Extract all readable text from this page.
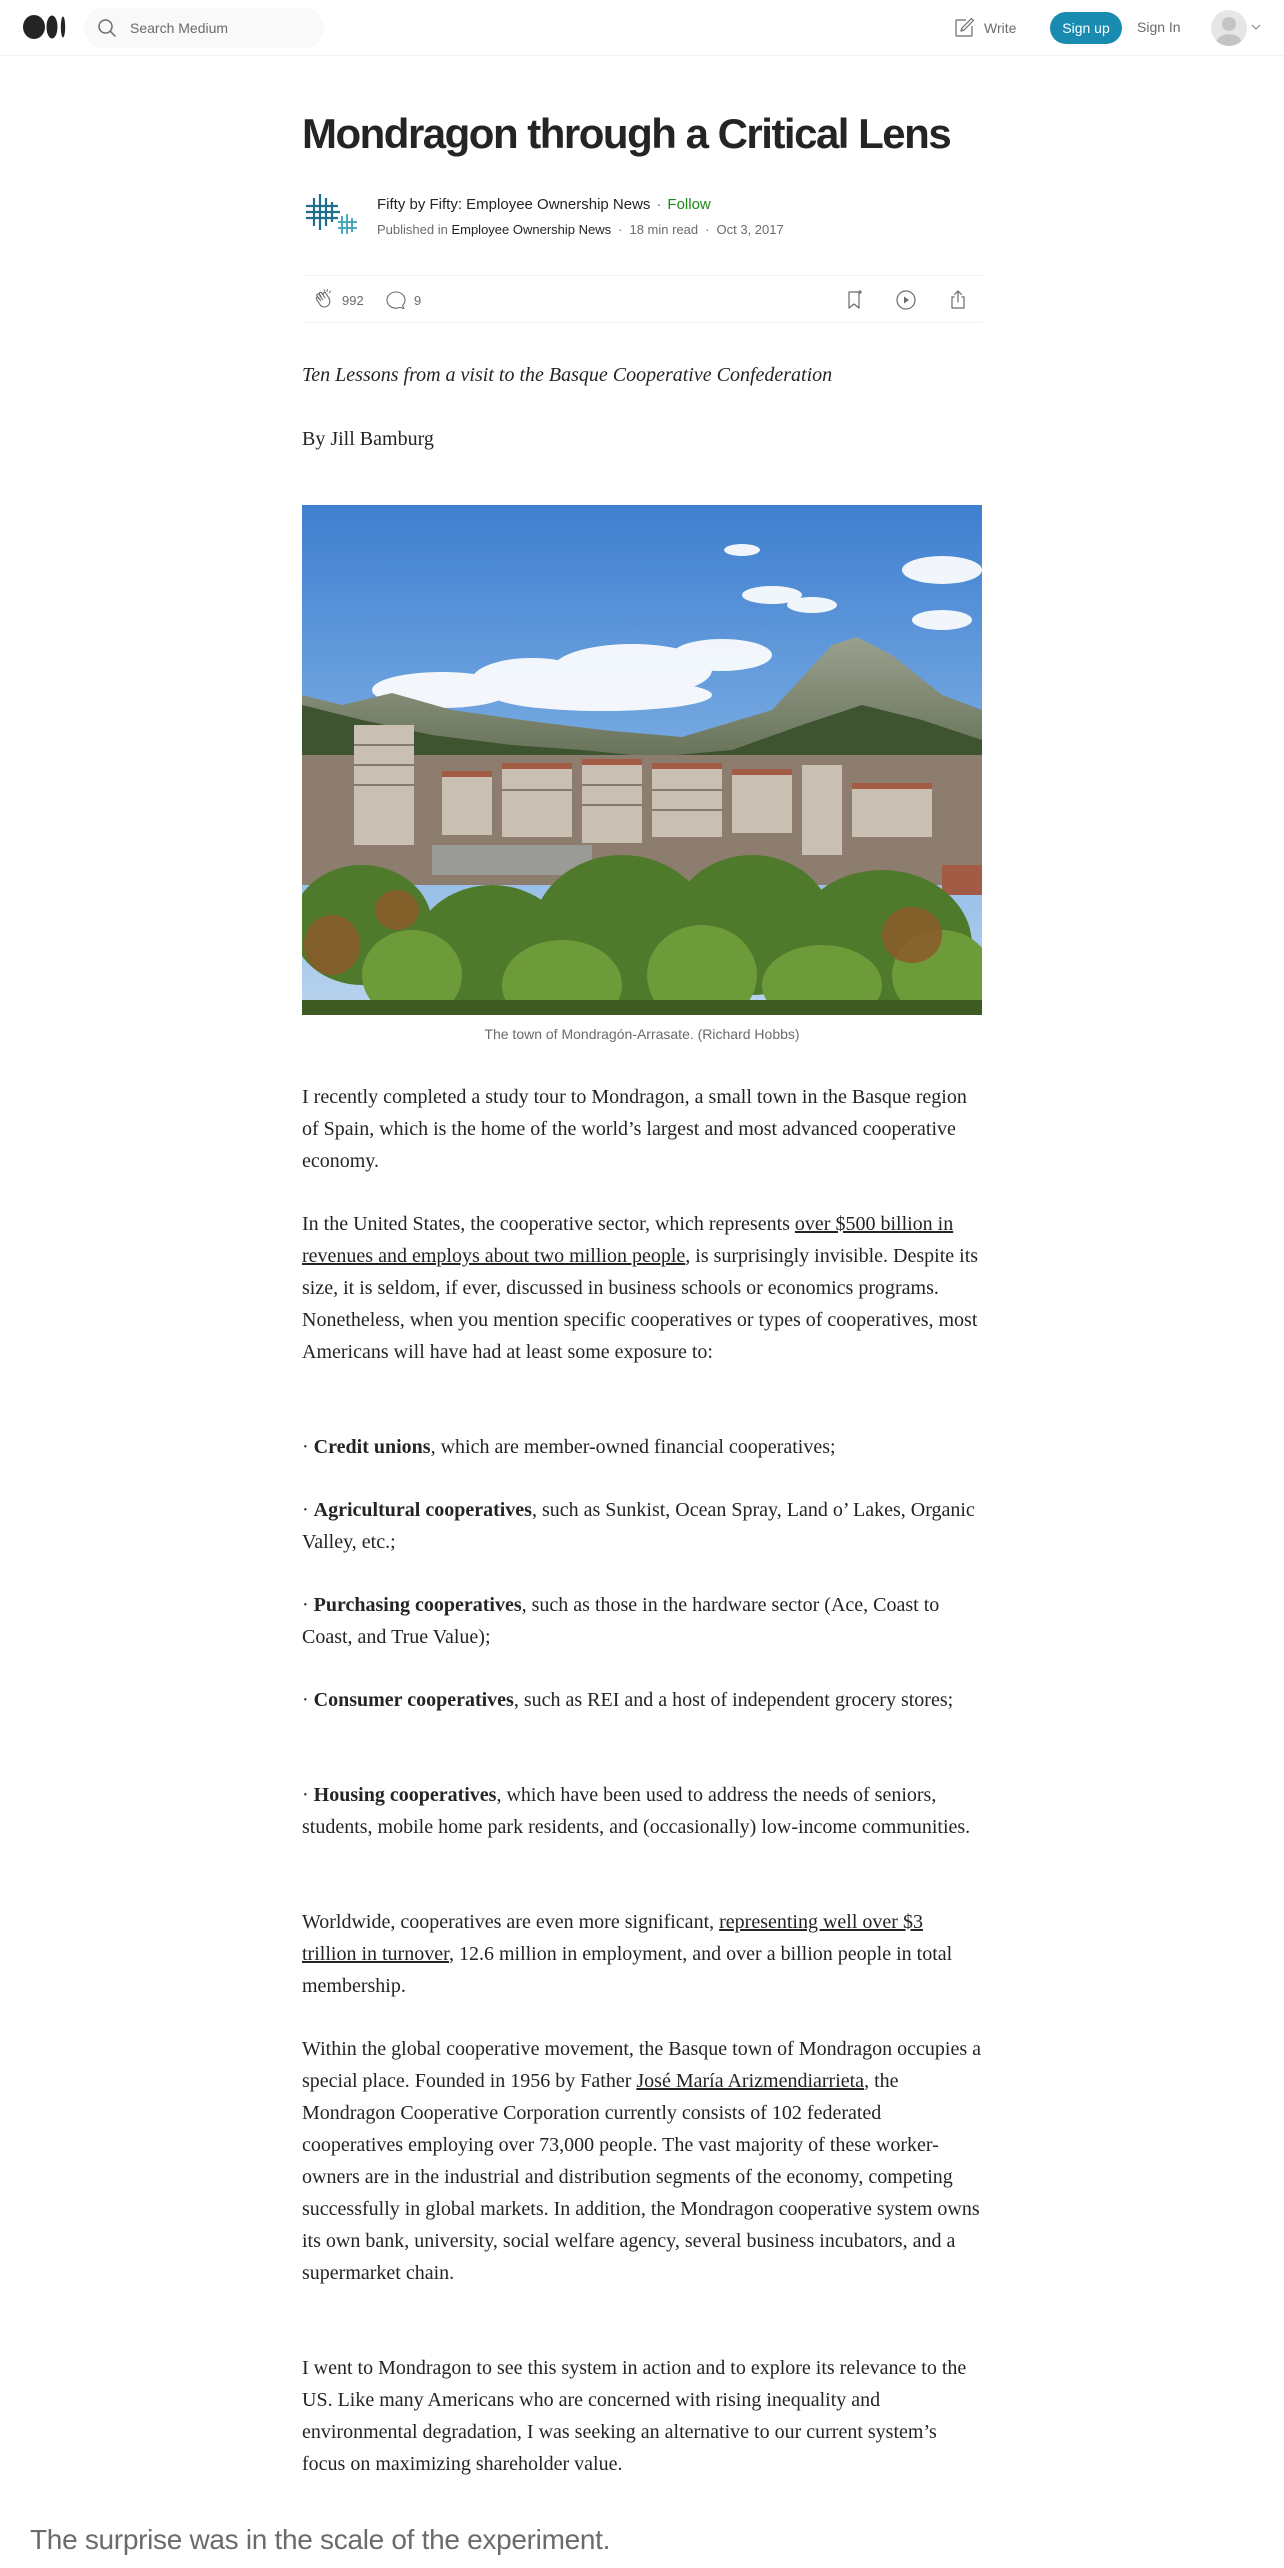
Search Medium
Write	Sign up	Sign In
Mondragon through a Critical Lens
Fifty by Fifty: Employee Ownership News · Follow
Published in Employee Ownership News · 18 min read · Oct 3, 2017
992	9
Ten Lessons from a visit to the Basque Cooperative Confederation
By Jill Bamburg
The town of Mondragón-Arrasate. (Richard Hobbs)

I recently completed a study tour to Mondragon, a small town in the Basque region of Spain, which is the home of the world’s largest and most advanced cooperative economy.

In the United States, the cooperative sector, which represents over $500 billion in revenues and employs about two million people, is surprisingly invisible. Despite its size, it is seldom, if ever, discussed in business schools or economics programs. Nonetheless, when you mention specific cooperatives or types of cooperatives, most Americans will have had at least some exposure to:

· Credit unions, which are member-owned financial cooperatives;

· Agricultural cooperatives, such as Sunkist, Ocean Spray, Land o’ Lakes, Organic Valley, etc.;

· Purchasing cooperatives, such as those in the hardware sector (Ace, Coast to Coast, and True Value);

· Consumer cooperatives, such as REI and a host of independent grocery stores;

· Housing cooperatives, which have been used to address the needs of seniors, students, mobile home park residents, and (occasionally) low-income communities.

Worldwide, cooperatives are even more significant, representing well over $3 trillion in turnover, 12.6 million in employment, and over a billion people in total membership.

Within the global cooperative movement, the Basque town of Mondragon occupies a special place. Founded in 1956 by Father José María Arizmendiarrieta, the Mondragon Cooperative Corporation currently consists of 102 federated cooperatives employing over 73,000 people. The vast majority of these worker-owners are in the industrial and distribution segments of the economy, competing successfully in global markets. In addition, the Mondragon cooperative system owns its own bank, university, social welfare agency, several business incubators, and a supermarket chain.

I went to Mondragon to see this system in action and to explore its relevance to the US. Like many Americans who are concerned with rising inequality and environmental degradation, I was seeking an alternative to our current system’s focus on maximizing shareholder value.

The surprise was in the scale of the experiment.
